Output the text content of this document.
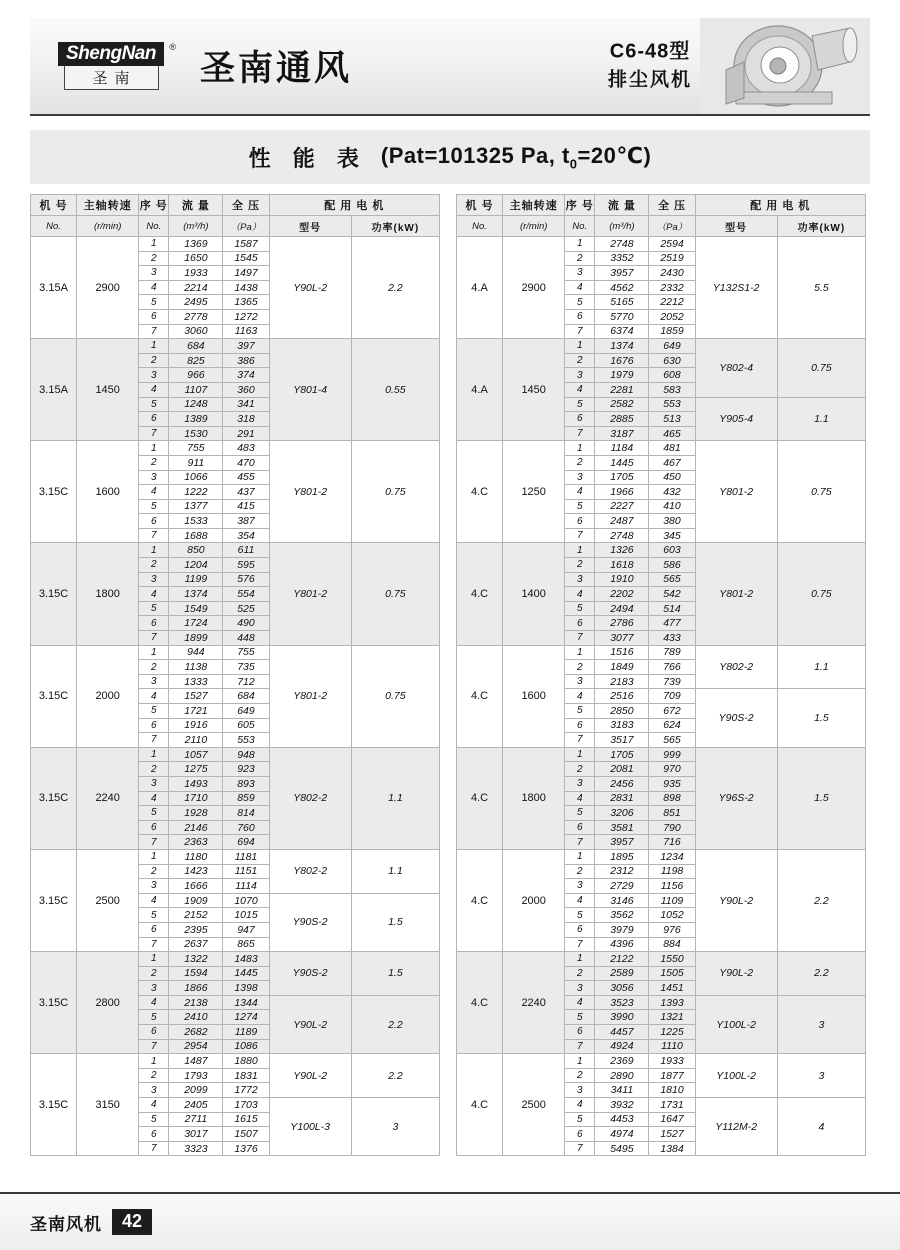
ShengNan	®
圣南	圣南通风	C6-48型
排尘风机
性 能 表 (Pat=101325 Pa, $t_0=20℃$)
机 号	主轴转速	序 号	流 量	全 压	配 用 电 机	
No.	(r/min)	No.	(m³/h)	（Pa）	型号	功率(kW)
3.15A	2900	1	1369	1587	Y90L-2	2.2
		2	1650	1545		
		3	1933	1497		
		4	2214	1438		
		5	2495	1365		
		6	2778	1272		
		7	3060	1163		
3.15A	1450	1	684	397	Y801-4	0.55
		2	825	386		
		3	966	374		
		4	1107	360		
		5	1248	341		
		6	1389	318		
		7	1530	291		
3.15C	1600	1	755	483	Y801-2	0.75
		2	911	470		
		3	1066	455		
		4	1222	437		
		5	1377	415		
		6	1533	387		
		7	1688	354		
3.15C	1800	1	850	611	Y801-2	0.75
		2	1204	595		
		3	1199	576		
		4	1374	554		
		5	1549	525		
		6	1724	490		
		7	1899	448		
3.15C	2000	1	944	755	Y801-2	0.75
		2	1138	735		
		3	1333	712		
		4	1527	684		
		5	1721	649		
		6	1916	605		
		7	2110	553		
3.15C	2240	1	1057	948	Y802-2	1.1
		2	1275	923		
		3	1493	893		
		4	1710	859		
		5	1928	814		
		6	2146	760		
		7	2363	694		
3.15C	2500	1	1180	1181	Y802-2	1.1
		2	1423	1151		
		3	1666	1114		
		4	1909	1070	Y90S-2	1.5
		5	2152	1015		
		6	2395	947		
		7	2637	865		
3.15C	2800	1	1322	1483	Y90S-2	1.5
		2	1594	1445		
		3	1866	1398		
		4	2138	1344	Y90L-2	2.2
		5	2410	1274		
		6	2682	1189		
		7	2954	1086		
3.15C	3150	1	1487	1880	Y90L-2	2.2
		2	1793	1831		
		3	2099	1772		
		4	2405	1703	Y100L-3	3
		5	2711	1615		
		6	3017	1507		
		7	3323	1376		
机 号	主轴转速	序 号	流 量	全 压	配 用 电 机	
No.	(r/min)	No.	(m³/h)	（Pa）	型号	功率(kW)
4.A	2900	1	2748	2594	Y132S1-2	5.5
		2	3352	2519		
		3	3957	2430		
		4	4562	2332		
		5	5165	2212		
		6	5770	2052		
		7	6374	1859		
4.A	1450	1	1374	649	Y802-4	0.75
		2	1676	630		
		3	1979	608		
		4	2281	583		
		5	2582	553	Y905-4	1.1
		6	2885	513		
		7	3187	465		
4.C	1250	1	1184	481	Y801-2	0.75
		2	1445	467		
		3	1705	450		
		4	1966	432		
		5	2227	410		
		6	2487	380		
		7	2748	345		
4.C	1400	1	1326	603	Y801-2	0.75
		2	1618	586		
		3	1910	565		
		4	2202	542		
		5	2494	514		
		6	2786	477		
		7	3077	433		
4.C	1600	1	1516	789	Y802-2	1.1
		2	1849	766		
		3	2183	739		
		4	2516	709	Y90S-2	1.5
		5	2850	672		
		6	3183	624		
		7	3517	565		
4.C	1800	1	1705	999	Y96S-2	1.5
		2	2081	970		
		3	2456	935		
		4	2831	898		
		5	3206	851		
		6	3581	790		
		7	3957	716		
4.C	2000	1	1895	1234	Y90L-2	2.2
		2	2312	1198		
		3	2729	1156		
		4	3146	1109		
		5	3562	1052		
		6	3979	976		
		7	4396	884		
4.C	2240	1	2122	1550	Y90L-2	2.2
		2	2589	1505		
		3	3056	1451		
		4	3523	1393	Y100L-2	3
		5	3990	1321		
		6	4457	1225		
		7	4924	1110		
4.C	2500	1	2369	1933	Y100L-2	3
		2	2890	1877		
		3	3411	1810		
		4	3932	1731	Y112M-2	4
		5	4453	1647		
		6	4974	1527		
		7	5495	1384		
圣南风机	42
